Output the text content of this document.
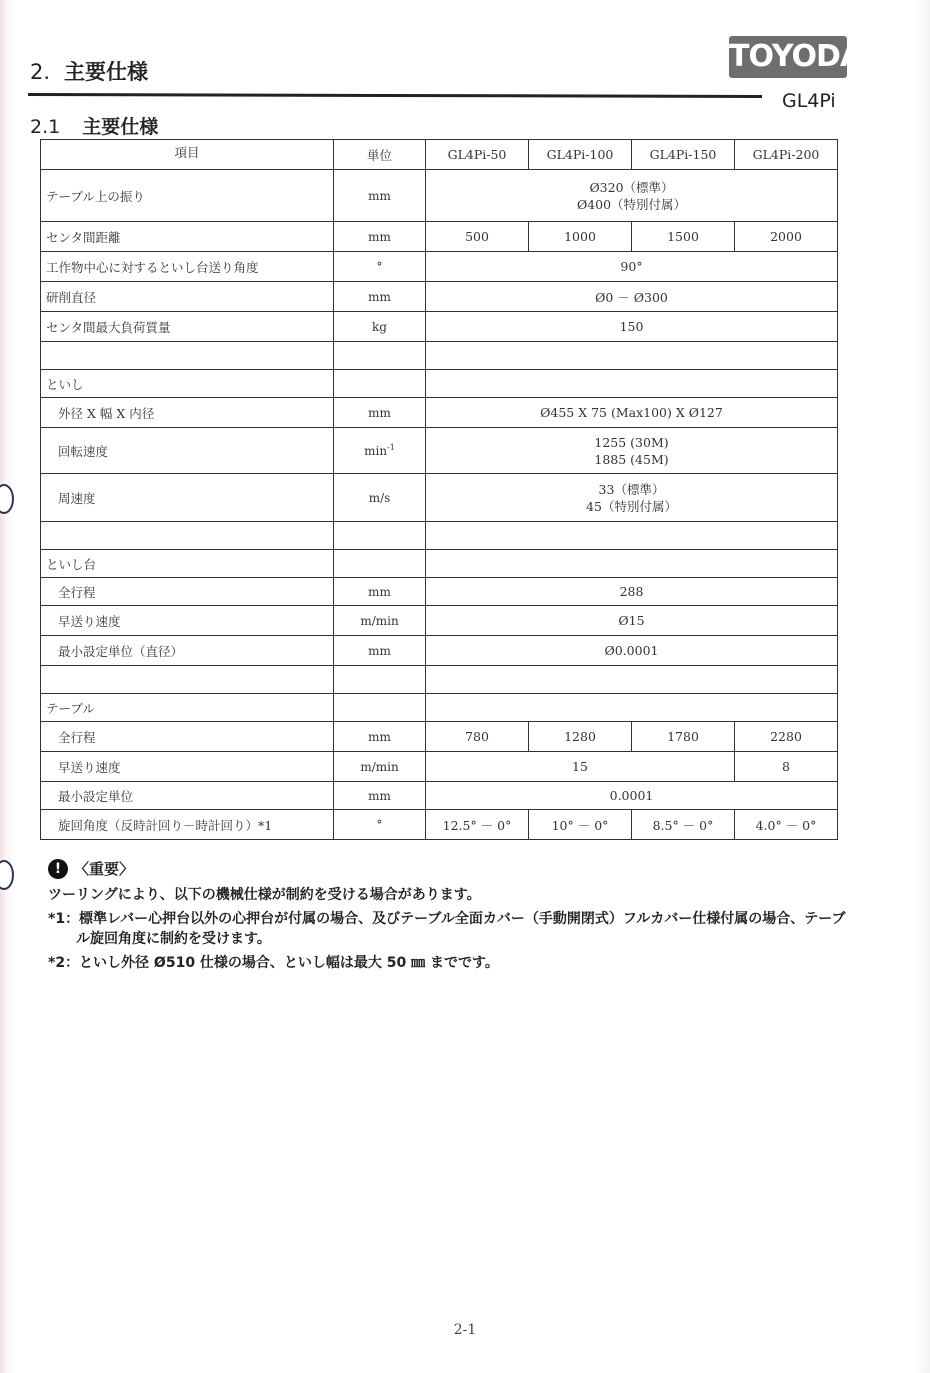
TOYODA
GL4Pi
2. 主要仕様
2.1 主要仕様
項目	単位	GL4Pi-50	GL4Pi-100	GL4Pi-150	GL4Pi-200
テーブル上の振り	mm	Ø320（標準）
Ø400（特別付属）			

センタ間距離	mm	500	1000	1500	2000
工作物中心に対するといし台送り角度	°	90°			
研削直径	mm	Ø0 － Ø300			
センタ間最大負荷質量	kg	150			

といし					
外径 X 幅 X 内径	mm	Ø455 X 75 (Max100) X Ø127			
回転速度	$\min^{-1}$	1255 (30M)
1885 (45M)			

周速度	m/s	33（標準）
45（特別付属）			

といし台					
全行程	mm	288			
早送り速度	m/min	Ø15			
最小設定単位（直径）	mm	Ø0.0001			

テーブル					
全行程	mm	780	1280	1780	2280
早送り速度	m/min	15			8
最小設定単位	mm	0.0001			
旋回角度（反時計回り－時計回り）*1	°	12.5° － 0°	10° － 0°	8.5° － 0°	4.0° － 0°
! 〈重要〉

ツーリングにより、以下の機械仕様が制約を受ける場合があります。

*1：標準レバー心押台以外の心押台が付属の場合、及びテーブル全面カバー（手動開閉式）フルカバー仕様付属の場合、テーブル旋回角度に制約を受けます。

*2：といし外径 Ø510 仕様の場合、といし幅は最大 50 ㎜ までです。

2-1
